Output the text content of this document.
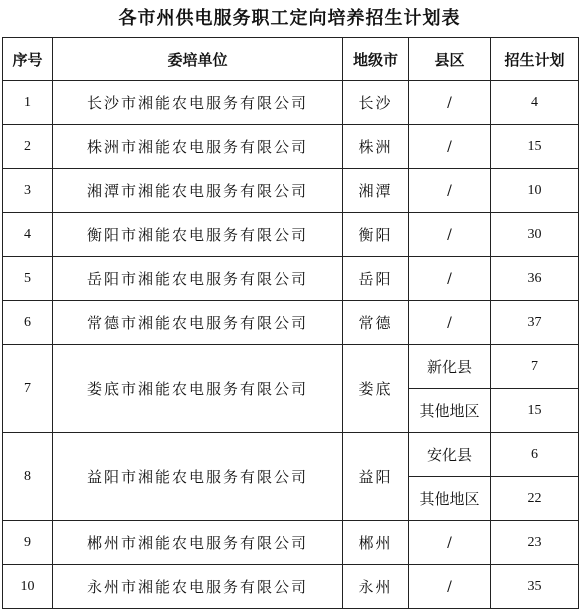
各市州供电服务职工定向培养招生计划表
序号	委培单位	地级市	县区	招生计划
1	长沙市湘能农电服务有限公司	长沙	/	4
2	株洲市湘能农电服务有限公司	株洲	/	15
3	湘潭市湘能农电服务有限公司	湘潭	/	10
4	衡阳市湘能农电服务有限公司	衡阳	/	30
5	岳阳市湘能农电服务有限公司	岳阳	/	36
6	常德市湘能农电服务有限公司	常德	/	37
7	娄底市湘能农电服务有限公司	娄底	新化县	7
			其他地区	15
8	益阳市湘能农电服务有限公司	益阳	安化县	6
			其他地区	22
9	郴州市湘能农电服务有限公司	郴州	/	23
10	永州市湘能农电服务有限公司	永州	/	35
